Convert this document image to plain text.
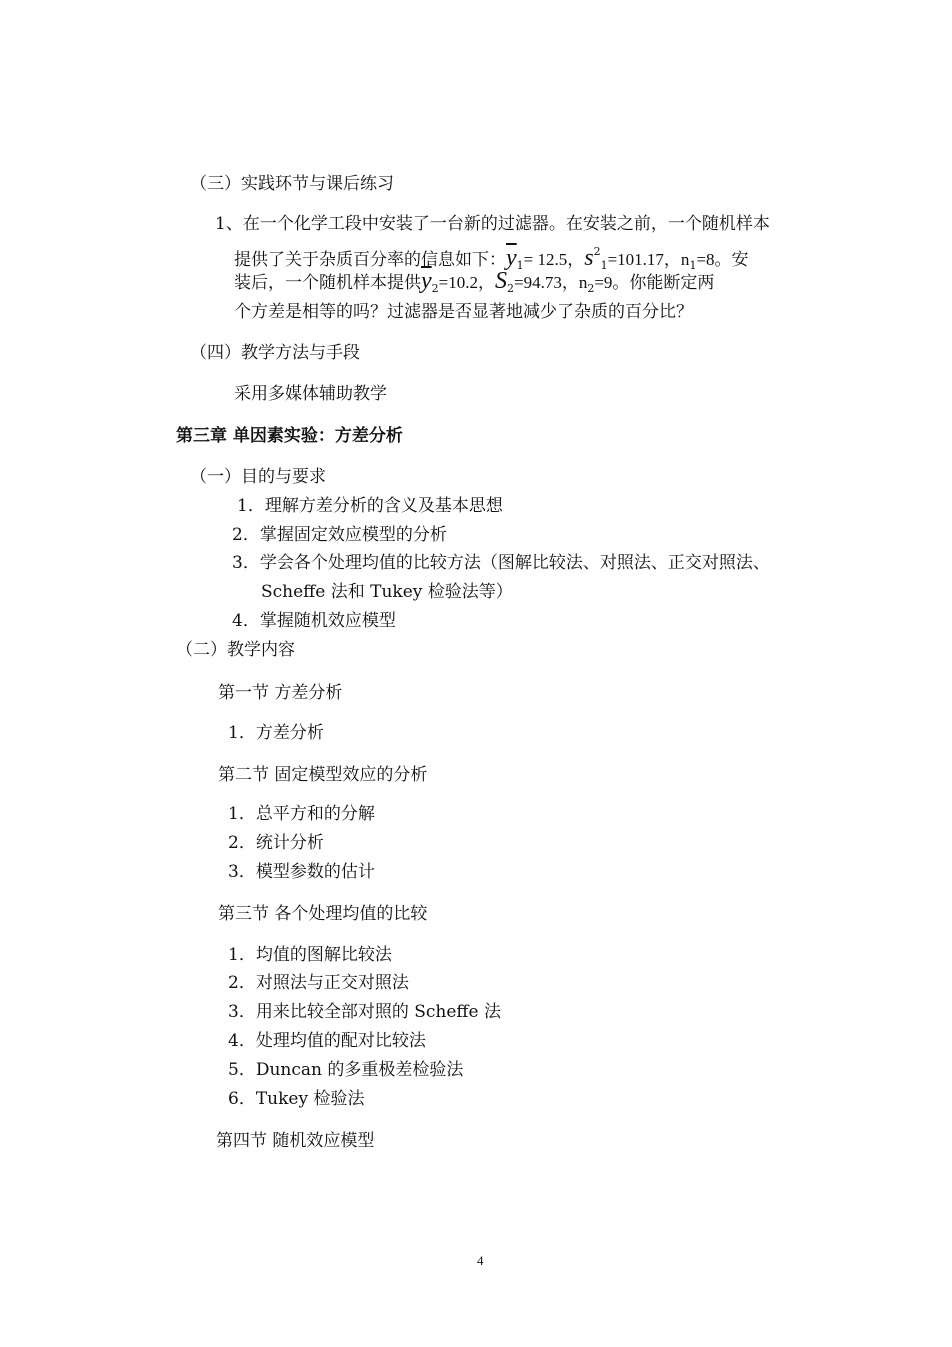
（三）实践环节与课后练习
1、在一个化学工段中安装了一台新的过滤器。在安装之前，一个随机样本
提供了关于杂质百分率的信息如下：$\overline{y}_1= 12.5$，$s^2_1=101.17$，$n_1=8$。安
装后，一个随机样本提供$\overline{y}_2=10.2$，$S_2=94.73$，$n_2=9$。你能断定两
个方差是相等的吗？过滤器是否显著地减少了杂质的百分比？
（四）教学方法与手段
采用多媒体辅助教学
第三章 单因素实验：方差分析
（一）目的与要求
1．理解方差分析的含义及基本思想
2．掌握固定效应模型的分析
3．学会各个处理均值的比较方法（图解比较法、对照法、正交对照法、
Scheffe 法和 Tukey 检验法等）
4．掌握随机效应模型
（二）教学内容
第一节 方差分析
1．方差分析
第二节 固定模型效应的分析
1．总平方和的分解
2．统计分析
3．模型参数的估计
第三节 各个处理均值的比较
1．均值的图解比较法
2．对照法与正交对照法
3．用来比较全部对照的 Scheffe 法
4．处理均值的配对比较法
5．Duncan 的多重极差检验法
6．Tukey 检验法
第四节 随机效应模型
4
